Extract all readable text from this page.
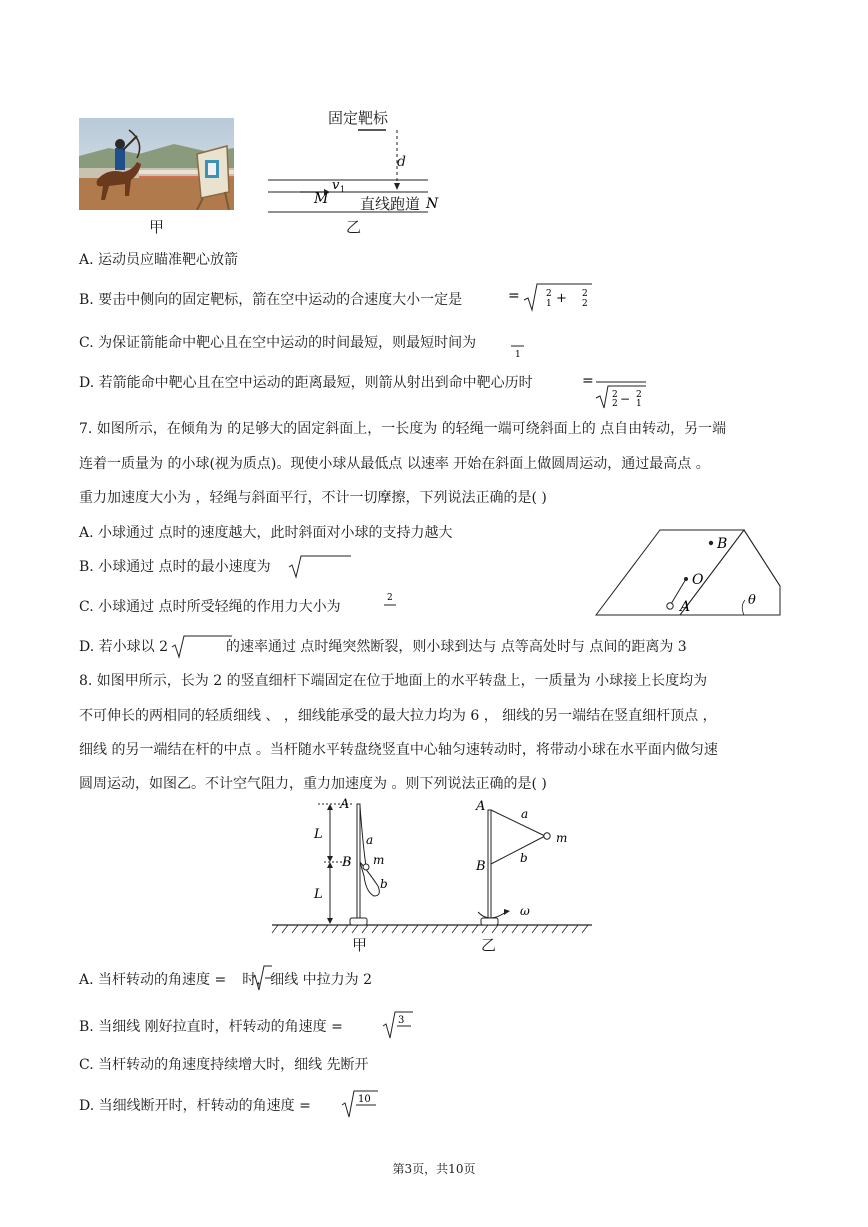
甲
M
v 1
N
固定靶标
d
直线跑道
乙
A. 运动员应瞄准靶心放箭
B. 要击中侧向的固定靶标，箭在空中运动的合速度大小一定是	=	2
1 + 2
2
C. 为保证箭能命中靶心且在空中运动的时间最短，则最短时间为
1
D. 若箭能命中靶心且在空中运动的距离最短，则箭从射出到命中靶心历时	=
2
2 − 2
1
7. 如图所示，在倾角为 的足够大的固定斜面上，一长度为 的轻绳一端可绕斜面上的 点自由转动，另一端
连着一质量为 的小球(视为质点)。现使小球从最低点 以速率 开始在斜面上做圆周运动，通过最高点 。
重力加速度大小为 ，轻绳与斜面平行，不计一切摩擦，下列说法正确的是( )
A. 小球通过 点时的速度越大，此时斜面对小球的支持力越大
B. 小球通过 点时的最小速度为
C. 小球通过 点时所受轻绳的作用力大小为
2
D. 若小球以 2	的速率通过 点时绳突然断裂，则小球到达与 点等高处时与 点间的距离为 3
B
O
A	θ
8. 如图甲所示，长为 2 的竖直细杆下端固定在位于地面上的水平转盘上，一质量为 小球接上长度均为
不可伸长的两相同的轻质细线 、 ，细线能承受的最大拉力均为 6 ， 细线的另一端结在竖直细杆顶点 ，
细线 的另一端结在杆的中点 。当杆随水平转盘绕竖直中心轴匀速转动时，将带动小球在水平面内做匀速
圆周运动，如图乙。不计空气阻力，重力加速度为 。则下列说法正确的是( )
A
B
L
L
a
m
b
A
B
a
m
b
ω
甲	乙
A. 当杆转动的角速度 = 时，细线 中拉力为 2
B. 当细线 刚好拉直时，杆转动的角速度 =	3
C. 当杆转动的角速度持续增大时，细线 先断开
D. 当细线断开时，杆转动的角速度 =	10
第3页，共10页
